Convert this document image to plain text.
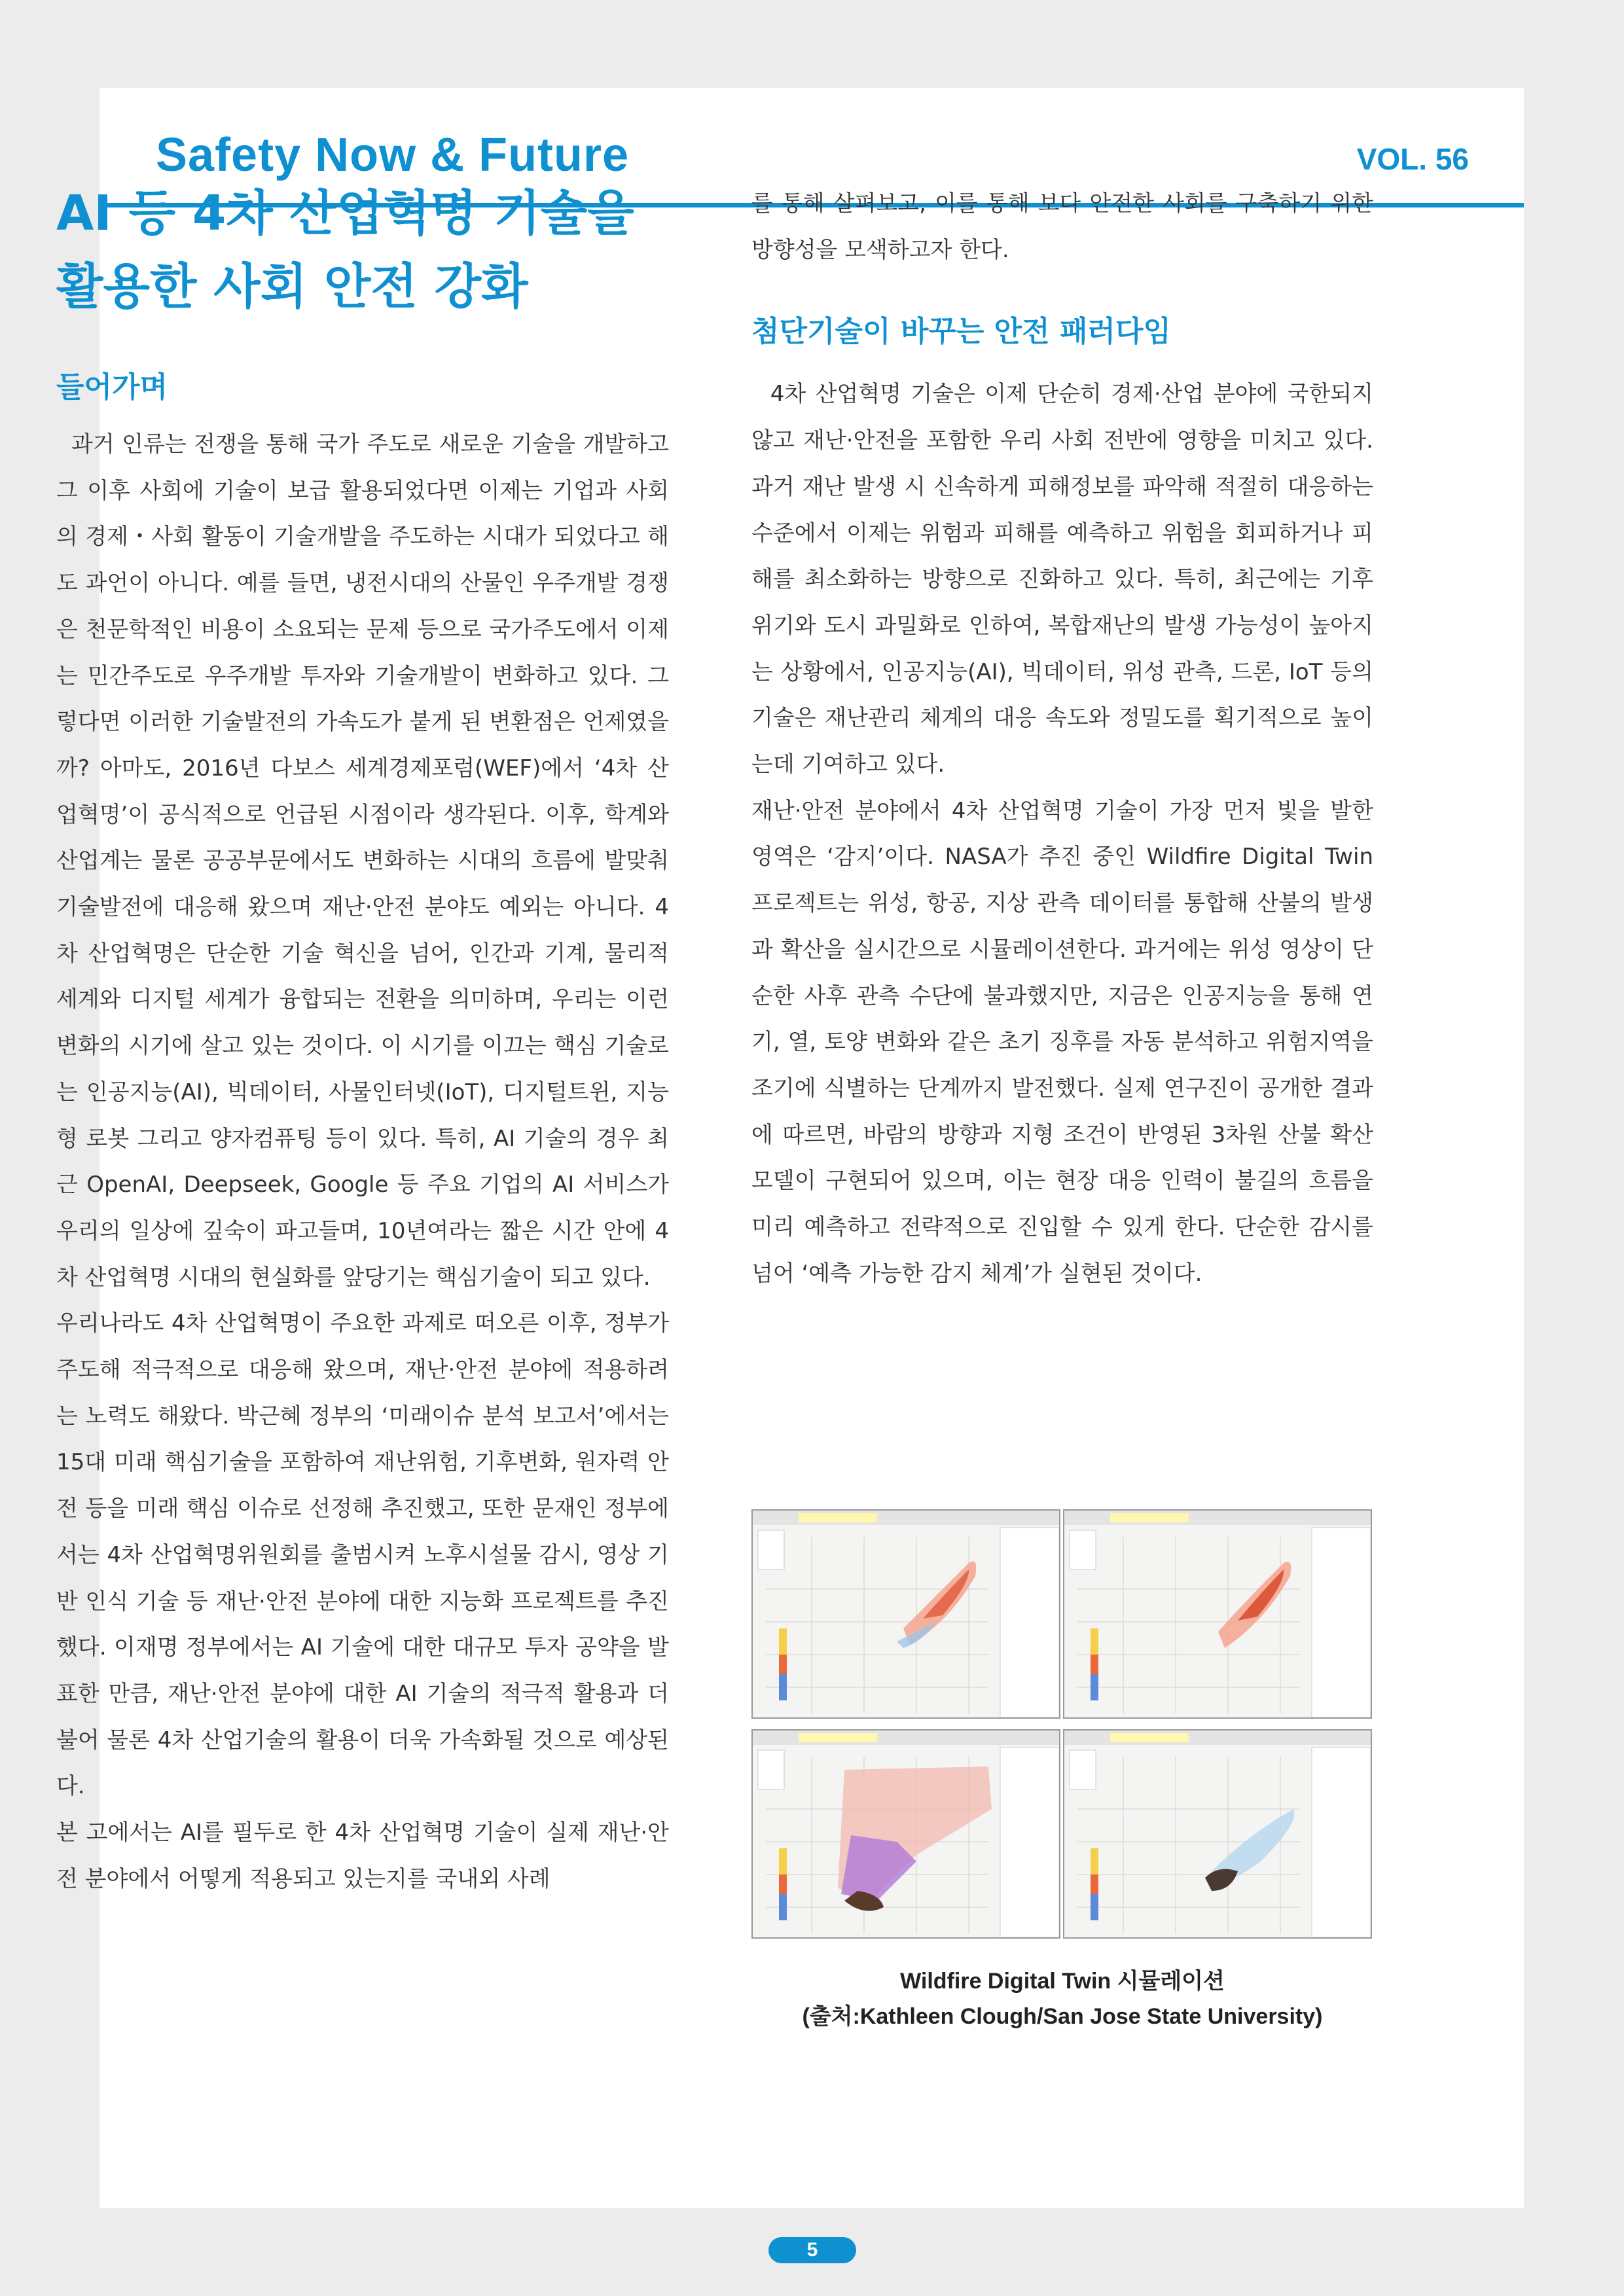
Safety Now & Future	VOL. 56
AI 등 4차 산업혁명 기술을
활용한 사회 안전 강화
들어가며

과거 인류는 전쟁을 통해 국가 주도로 새로운 기술을 개발하고 그 이후 사회에 기술이 보급 활용되었다면 이제는 기업과 사회의 경제・사회 활동이 기술개발을 주도하는 시대가 되었다고 해도 과언이 아니다. 예를 들면, 냉전시대의 산물인 우주개발 경쟁은 천문학적인 비용이 소요되는 문제 등으로 국가주도에서 이제는 민간주도로 우주개발 투자와 기술개발이 변화하고 있다. 그렇다면 이러한 기술발전의 가속도가 붙게 된 변환점은 언제였을까? 아마도, 2016년 다보스 세계경제포럼(WEF)에서 ‘4차 산업혁명’이 공식적으로 언급된 시점이라 생각된다. 이후, 학계와 산업계는 물론 공공부문에서도 변화하는 시대의 흐름에 발맞춰 기술발전에 대응해 왔으며 재난·안전 분야도 예외는 아니다. 4차 산업혁명은 단순한 기술 혁신을 넘어, 인간과 기계, 물리적 세계와 디지털 세계가 융합되는 전환을 의미하며, 우리는 이런 변화의 시기에 살고 있는 것이다. 이 시기를 이끄는 핵심 기술로는 인공지능(AI), 빅데이터, 사물인터넷(IoT), 디지털트윈, 지능형 로봇 그리고 양자컴퓨팅 등이 있다. 특히, AI 기술의 경우 최근 OpenAI, Deepseek, Google 등 주요 기업의 AI 서비스가 우리의 일상에 깊숙이 파고들며, 10년여라는 짧은 시간 안에 4차 산업혁명 시대의 현실화를 앞당기는 핵심기술이 되고 있다.

우리나라도 4차 산업혁명이 주요한 과제로 떠오른 이후, 정부가 주도해 적극적으로 대응해 왔으며, 재난·안전 분야에 적용하려는 노력도 해왔다. 박근혜 정부의 ‘미래이슈 분석 보고서’에서는 15대 미래 핵심기술을 포함하여 재난위험, 기후변화, 원자력 안전 등을 미래 핵심 이슈로 선정해 추진했고, 또한 문재인 정부에서는 4차 산업혁명위원회를 출범시켜 노후시설물 감시, 영상 기반 인식 기술 등 재난·안전 분야에 대한 지능화 프로젝트를 추진했다. 이재명 정부에서는 AI 기술에 대한 대규모 투자 공약을 발표한 만큼, 재난·안전 분야에 대한 AI 기술의 적극적 활용과 더불어 물론 4차 산업기술의 활용이 더욱 가속화될 것으로 예상된다.

본 고에서는 AI를 필두로 한 4차 산업혁명 기술이 실제 재난·안전 분야에서 어떻게 적용되고 있는지를 국내외 사례

를 통해 살펴보고, 이를 통해 보다 안전한 사회를 구축하기 위한 방향성을 모색하고자 한다.

첨단기술이 바꾸는 안전 패러다임

4차 산업혁명 기술은 이제 단순히 경제·산업 분야에 국한되지 않고 재난·안전을 포함한 우리 사회 전반에 영향을 미치고 있다. 과거 재난 발생 시 신속하게 피해정보를 파악해 적절히 대응하는 수준에서 이제는 위험과 피해를 예측하고 위험을 회피하거나 피해를 최소화하는 방향으로 진화하고 있다. 특히, 최근에는 기후 위기와 도시 과밀화로 인하여, 복합재난의 발생 가능성이 높아지는 상황에서, 인공지능(AI), 빅데이터, 위성 관측, 드론, IoT 등의 기술은 재난관리 체계의 대응 속도와 정밀도를 획기적으로 높이는데 기여하고 있다.

재난·안전 분야에서 4차 산업혁명 기술이 가장 먼저 빛을 발한 영역은 ‘감지’이다. NASA가 추진 중인 Wildfire Digital Twin 프로젝트는 위성, 항공, 지상 관측 데이터를 통합해 산불의 발생과 확산을 실시간으로 시뮬레이션한다. 과거에는 위성 영상이 단순한 사후 관측 수단에 불과했지만, 지금은 인공지능을 통해 연기, 열, 토양 변화와 같은 초기 징후를 자동 분석하고 위험지역을 조기에 식별하는 단계까지 발전했다. 실제 연구진이 공개한 결과에 따르면, 바람의 방향과 지형 조건이 반영된 3차원 산불 확산 모델이 구현되어 있으며, 이는 현장 대응 인력이 불길의 흐름을 미리 예측하고 전략적으로 진입할 수 있게 한다. 단순한 감시를 넘어 ‘예측 가능한 감지 체계’가 실현된 것이다.

Wildfire Digital Twin 시뮬레이션
(출처:Kathleen Clough/San Jose State University)
5
